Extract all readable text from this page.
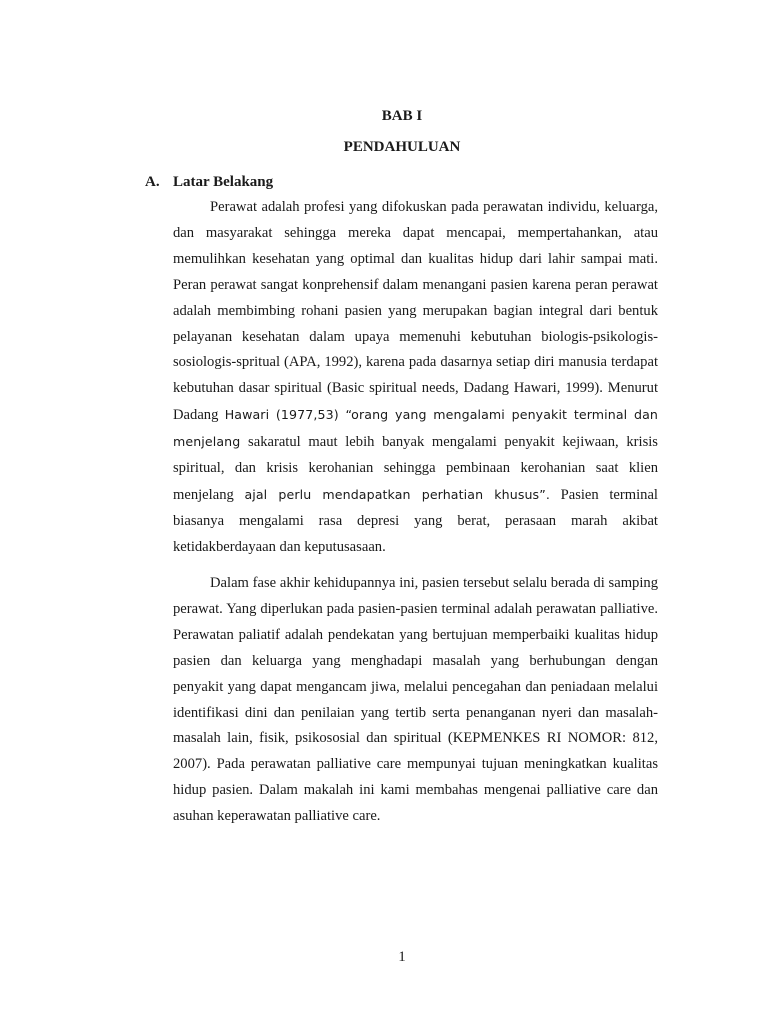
BAB I

PENDAHULUAN

A. Latar Belakang

Perawat adalah profesi yang difokuskan pada perawatan individu, keluarga, dan masyarakat sehingga mereka dapat mencapai, mempertahankan, atau memulihkan kesehatan yang optimal dan kualitas hidup dari lahir sampai mati. Peran perawat sangat konprehensif dalam menangani pasien karena peran perawat adalah membimbing rohani pasien yang merupakan bagian integral dari bentuk pelayanan kesehatan dalam upaya memenuhi kebutuhan biologis-psikologis-sosiologis-spritual (APA, 1992), karena pada dasarnya setiap diri manusia terdapat kebutuhan dasar spiritual (Basic spiritual needs, Dadang Hawari, 1999). Menurut Dadang Hawari (1977,53) “orang yang mengalami penyakit terminal dan menjelang sakaratul maut lebih banyak mengalami penyakit kejiwaan, krisis spiritual, dan krisis kerohanian sehingga pembinaan kerohanian saat klien menjelang ajal perlu mendapatkan perhatian khusus”. Pasien terminal biasanya mengalami rasa depresi yang berat, perasaan marah akibat ketidakberdayaan dan keputusasaan.

Dalam fase akhir kehidupannya ini, pasien tersebut selalu berada di samping perawat. Yang diperlukan pada pasien-pasien terminal adalah perawatan palliative. Perawatan paliatif adalah pendekatan yang bertujuan memperbaiki kualitas hidup pasien dan keluarga yang menghadapi masalah yang berhubungan dengan penyakit yang dapat mengancam jiwa, melalui pencegahan dan peniadaan melalui identifikasi dini dan penilaian yang tertib serta penanganan nyeri dan masalah-masalah lain, fisik, psikososial dan spiritual (KEPMENKES RI NOMOR: 812, 2007). Pada perawatan palliative care mempunyai tujuan meningkatkan kualitas hidup pasien. Dalam makalah ini kami membahas mengenai palliative care dan asuhan keperawatan palliative care.

1
